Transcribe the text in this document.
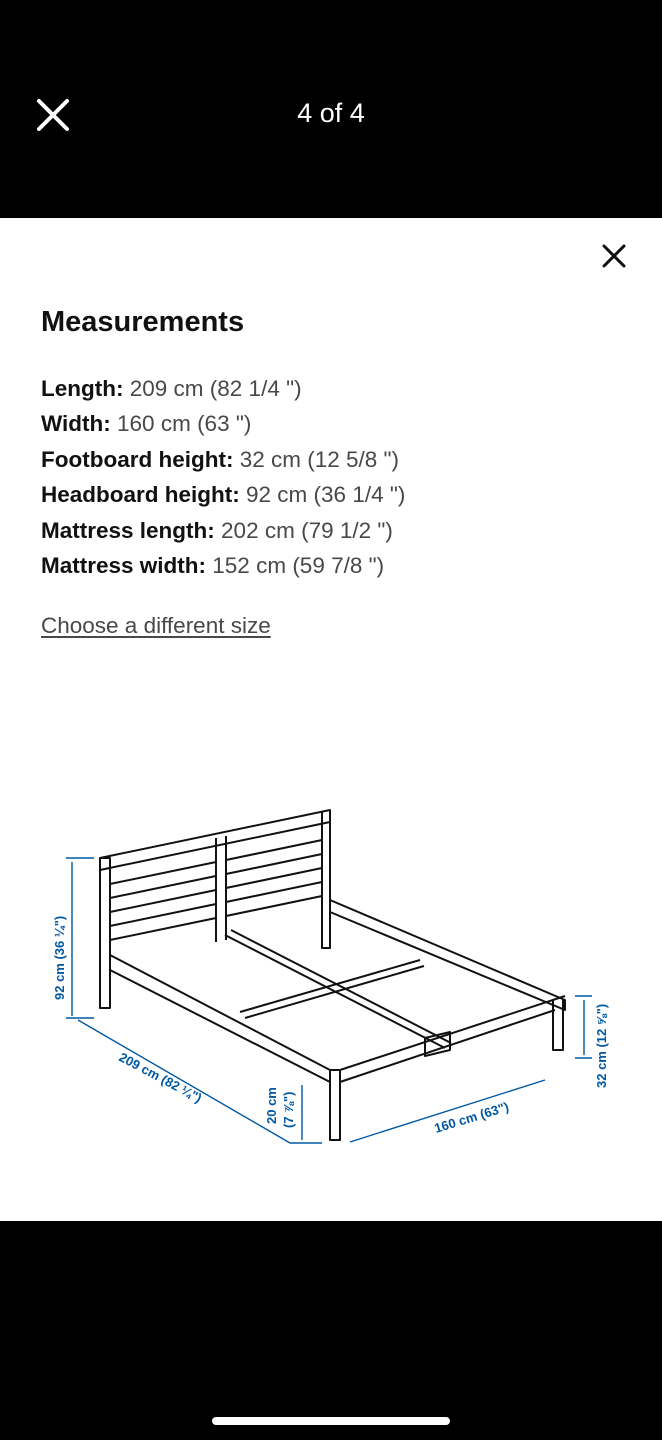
4 of 4
Measurements
Length: 209 cm (82 1/4 ")
Width: 160 cm (63 ")
Footboard height: 32 cm (12 5/8 ")
Headboard height: 92 cm (36 1/4 ")
Mattress length: 202 cm (79 1/2 ")
Mattress width: 152 cm (59 7/8 ")
Choose a different size
92 cm (36 ¼")
209 cm (82 ¼")	20 cm (7 ⅞")	160 cm (63")
32 cm (12 ⅝")
